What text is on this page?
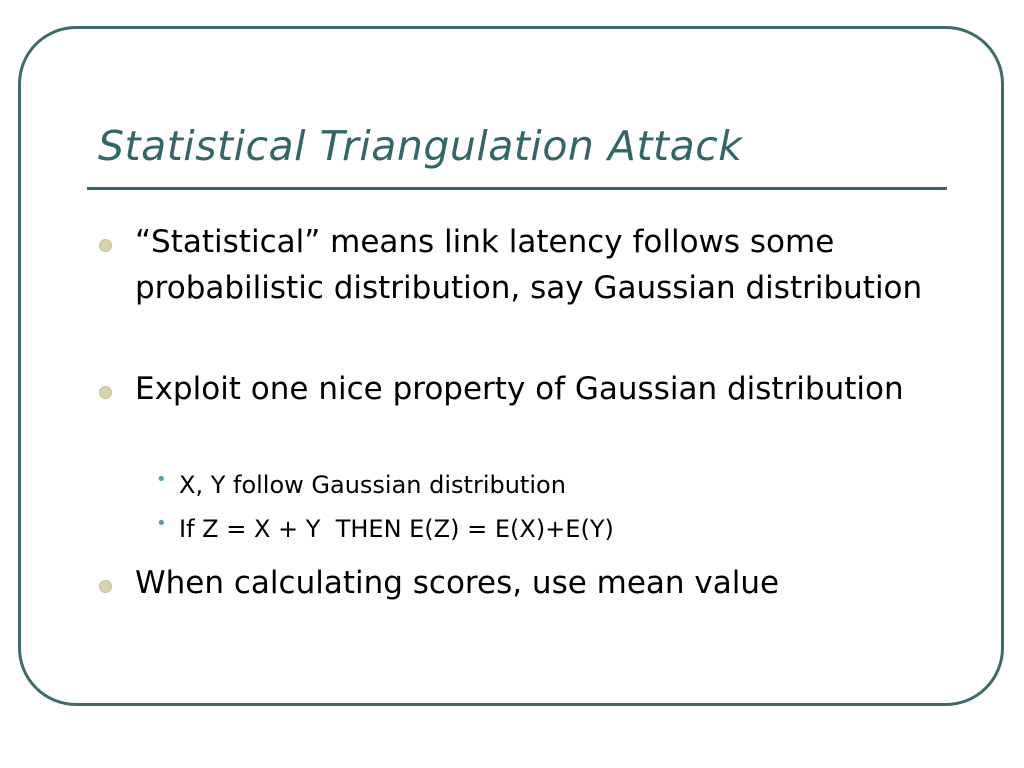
Statistical Triangulation Attack
“Statistical” means link latency follows some probabilistic distribution, say Gaussian distribution
Exploit one nice property of Gaussian distribution
• X, Y follow Gaussian distribution
• If Z = X + Y  THEN E(Z) = E(X)+E(Y)
When calculating scores, use mean value
